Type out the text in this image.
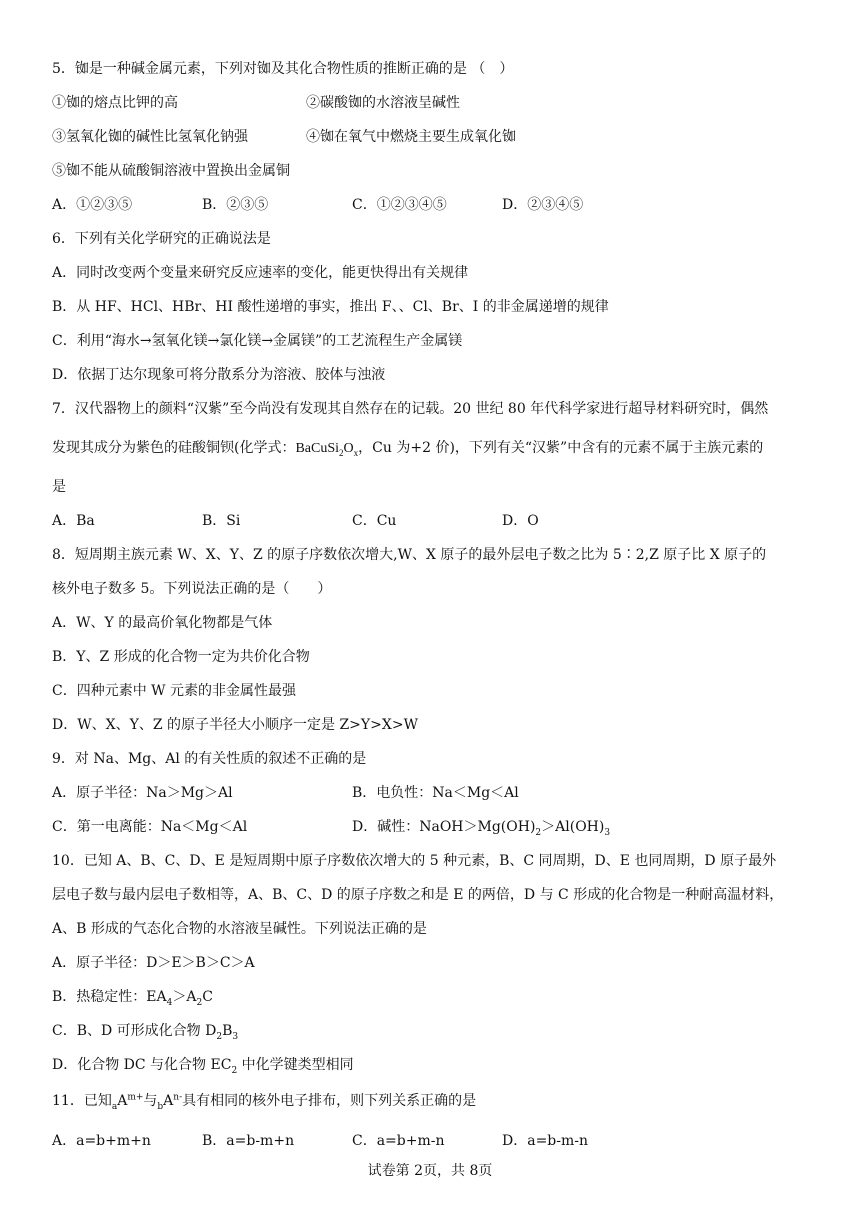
5．铷是一种碱金属元素，下列对铷及其化合物性质的推断正确的是 （　）
①铷的熔点比钾的高	②碳酸铷的水溶液呈碱性
③氢氧化铷的碱性比氢氧化钠强	④铷在氧气中燃烧主要生成氧化铷
⑤铷不能从硫酸铜溶液中置换出金属铜
A．①②③⑤	B．②③⑤	C．①②③④⑤	D．②③④⑤
6．下列有关化学研究的正确说法是
A．同时改变两个变量来研究反应速率的变化，能更快得出有关规律
B．从 HF、HCl、HBr、HI 酸性递增的事实，推出 F、、Cl、Br、I 的非金属递增的规律
C．利用“海水→氢氧化镁→氯化镁→金属镁”的工艺流程生产金属镁
D．依据丁达尔现象可将分散系分为溶液、胶体与浊液
7．汉代器物上的颜料“汉紫”至今尚没有发现其自然存在的记载。20 世纪 80 年代科学家进行超导材料研究时，偶然
发现其成分为紫色的硅酸铜钡(化学式：$BaCuSi_2O_x$，Cu 为+2 价)，下列有关“汉紫”中含有的元素不属于主族元素的
是
A．Ba	B．Si	C．Cu	D．O
8．短周期主族元素 W、X、Y、Z 的原子序数依次增大,W、X 原子的最外层电子数之比为 5∶2,Z 原子比 X 原子的
核外电子数多 5。下列说法正确的是（　　）
A．W、Y 的最高价氧化物都是气体
B．Y、Z 形成的化合物一定为共价化合物
C．四种元素中 W 元素的非金属性最强
D．W、X、Y、Z 的原子半径大小顺序一定是 Z>Y>X>W
9．对 Na、Mg、Al 的有关性质的叙述不正确的是
A．原子半径：Na＞Mg＞Al	B．电负性：Na＜Mg＜Al
C．第一电离能：Na＜Mg＜Al	D．碱性：$NaOH>Mg(OH)_2>Al(OH)_3$
10．已知 A、B、C、D、E 是短周期中原子序数依次增大的 5 种元素，B、C 同周期，D、E 也同周期，D 原子最外
层电子数与最内层电子数相等，A、B、C、D 的原子序数之和是 E 的两倍，D 与 C 形成的化合物是一种耐高温材料，
A、B 形成的气态化合物的水溶液呈碱性。下列说法正确的是
A．原子半径：D＞E＞B＞C＞A
B．热稳定性：$EA_4>A_2C$
C．B、D 可形成化合物 $D_2B_3$
D．化合物 DC 与化合物 $EC_2$ 中化学键类型相同
11．已知$_aA^{m+}$与$_bA^{n-}$具有相同的核外电子排布，则下列关系正确的是
A．a=b+m+n	B．a=b-m+n	C．a=b+m-n	D．a=b-m-n
试卷第 2页，共 8页
